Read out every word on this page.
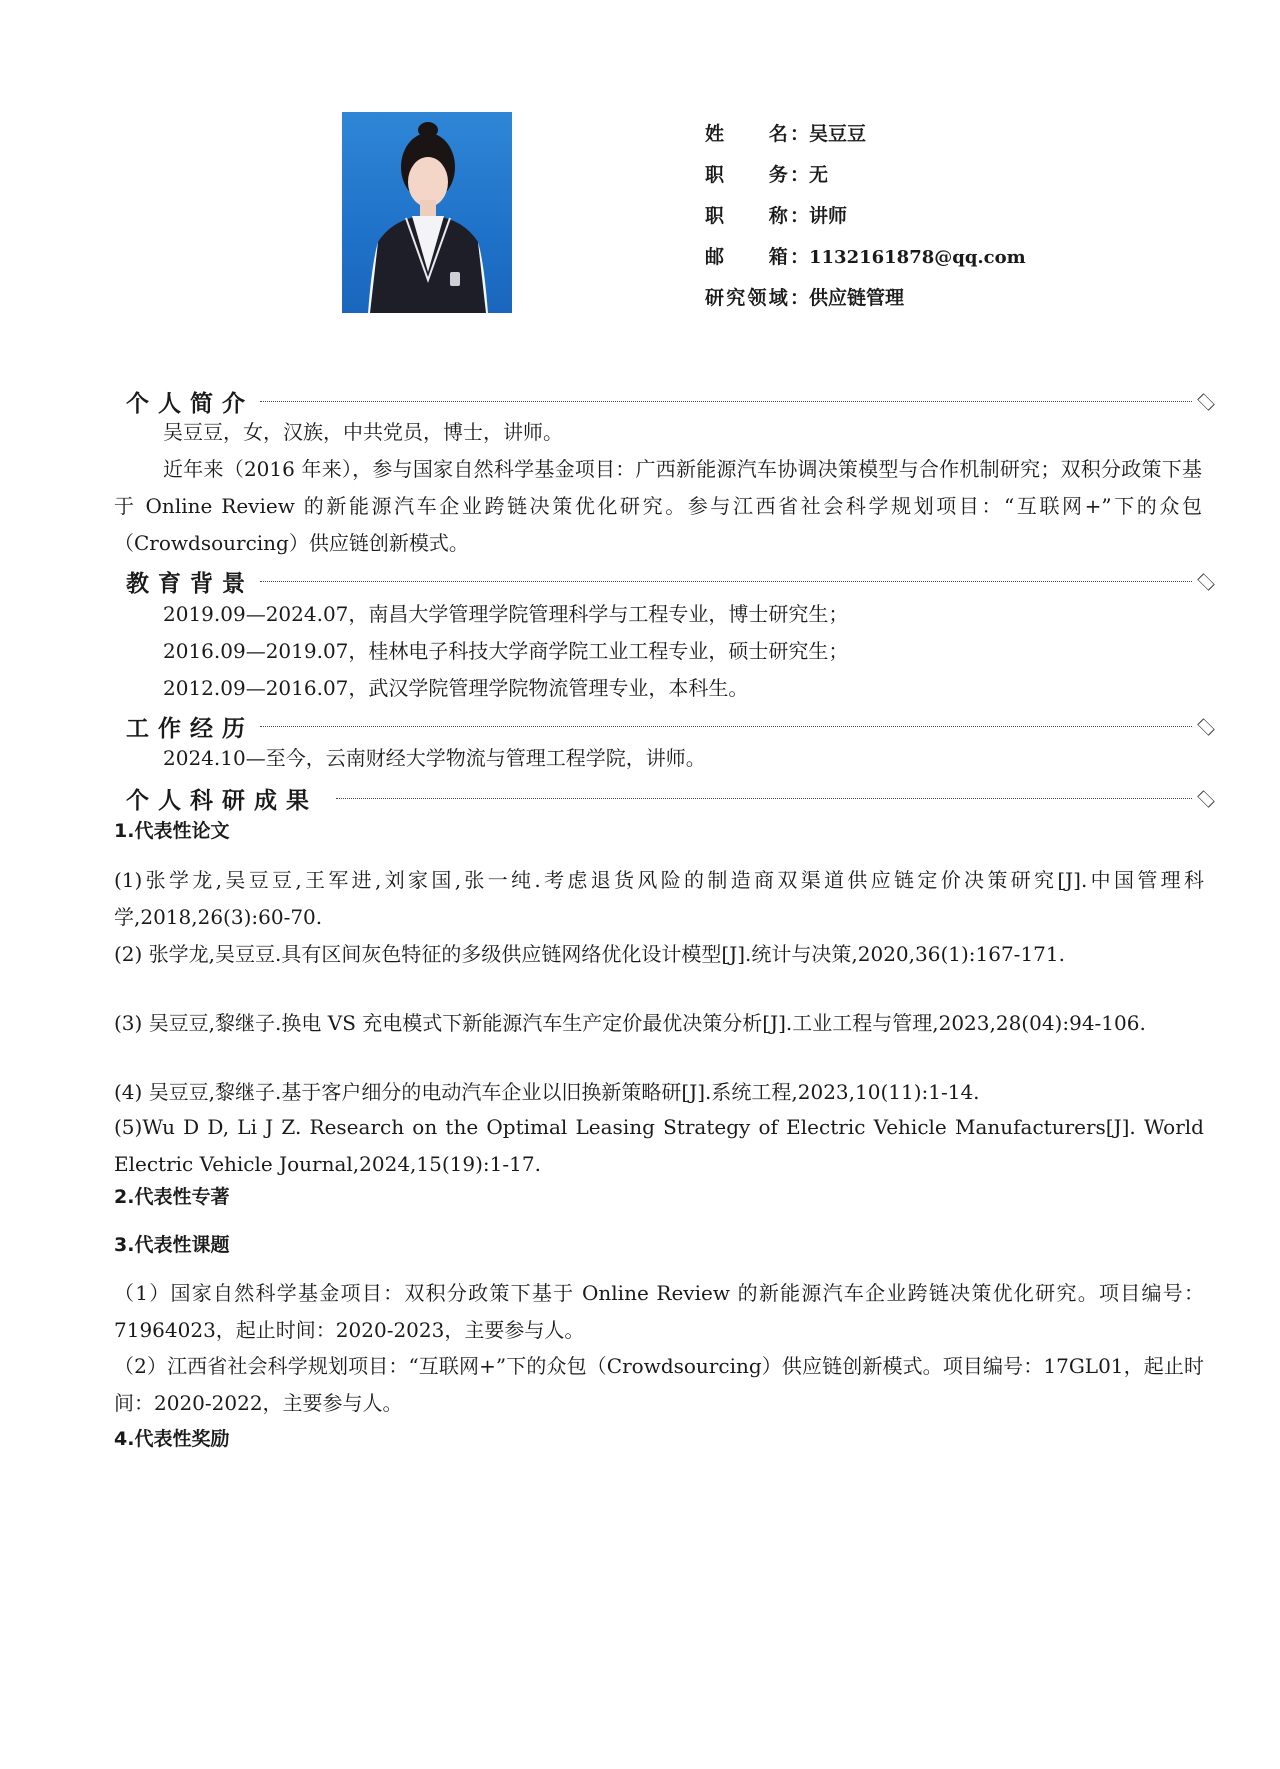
姓　　名：吴豆豆
职　　务：无
职　　称：讲师
邮　　箱：1132161878@qq.com
研究领域：供应链管理
个人简介
吴豆豆，女，汉族，中共党员，博士，讲师。
近年来（2016 年来），参与国家自然科学基金项目：广西新能源汽车协调决策模型与合作机制研究；双积分政策下基于 Online Review 的新能源汽车企业跨链决策优化研究。参与江西省社会科学规划项目：“互联网+”下的众包（Crowdsourcing）供应链创新模式。
教育背景
2019.09—2024.07，南昌大学管理学院管理科学与工程专业，博士研究生；
2016.09—2019.07，桂林电子科技大学商学院工业工程专业，硕士研究生；
2012.09—2016.07，武汉学院管理学院物流管理专业，本科生。
工作经历
2024.10—至今，云南财经大学物流与管理工程学院，讲师。
个人科研成果
1.代表性论文
(1)张学龙,吴豆豆,王军进,刘家国,张一纯.考虑退货风险的制造商双渠道供应链定价决策研究[J].中国管理科学,2018,26(3):60-70.
(2) 张学龙,吴豆豆.具有区间灰色特征的多级供应链网络优化设计模型[J].统计与决策,2020,36(1):167-171.
(3) 吴豆豆,黎继子.换电 VS 充电模式下新能源汽车生产定价最优决策分析[J].工业工程与管理,2023,28(04):94-106.
(4) 吴豆豆,黎继子.基于客户细分的电动汽车企业以旧换新策略研[J].系统工程,2023,10(11):1-14.
(5)Wu D D, Li J Z. Research on the Optimal Leasing Strategy of Electric Vehicle Manufacturers[J]. World Electric Vehicle Journal,2024,15(19):1-17.
2.代表性专著
3.代表性课题
（1）国家自然科学基金项目：双积分政策下基于 Online Review 的新能源汽车企业跨链决策优化研究。项目编号：71964023，起止时间：2020-2023，主要参与人。
（2）江西省社会科学规划项目：“互联网+”下的众包（Crowdsourcing）供应链创新模式。项目编号：17GL01，起止时间：2020-2022，主要参与人。
4.代表性奖励
